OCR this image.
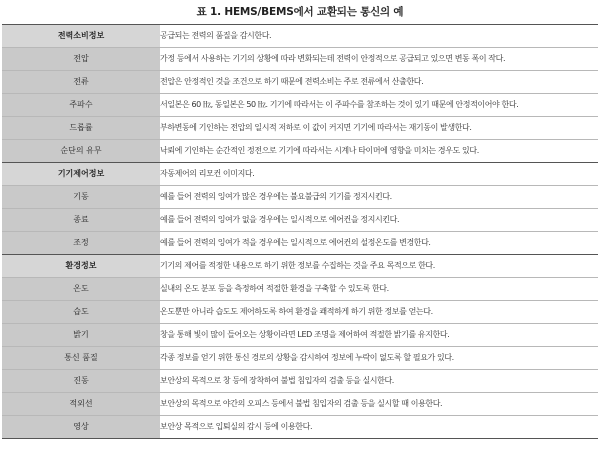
표 1. HEMS/BEMS에서 교환되는 통신의 예
전력소비정보	공급되는 전력의 품질을 감시한다.
전압	가정 등에서 사용하는 기기의 상황에 따라 변화되는데 전력이 안정적으로 공급되고 있으면 변동 폭이 작다.
전류	전압은 안정적인 것을 조건으로 하기 때문에 전력소비는 주로 전류에서 산출한다.
주파수	서일본은 60 ㎐, 동일본은 50 ㎐. 기기에 따라서는 이 주파수를 참조하는 것이 있기 때문에 안정적이어야 한다.
드롭률	부하변동에 기인하는 전압의 일시적 저하로 이 값이 커지면 기기에 따라서는 재기동이 발생한다.
순단의 유무	낙뢰에 기인하는 순간적인 정전으로 기기에 따라서는 시계나 타이머에 영향을 미치는 경우도 있다.
기기제어정보	자동제어의 리모컨 이미지다.
기동	예를 들어 전력의 잉여가 많은 경우에는 불요불급의 기기를 정지시킨다.
종료	예를 들어 전력의 잉여가 없을 경우에는 일시적으로 에어컨을 정지시킨다.
조정	예를 들어 전력의 잉여가 적을 경우에는 일시적으로 에어컨의 설정온도를 변경한다.
환경정보	기기의 제어를 적정한 내용으로 하기 위한 정보를 수집하는 것을 주요 목적으로 한다.
온도	실내의 온도 분포 등을 측정하여 적절한 환경을 구축할 수 있도록 한다.
습도	온도뿐만 아니라 습도도 제어하도록 하여 환경을 쾌적하게 하기 위한 정보를 얻는다.
밝기	창을 통해 빛이 많이 들어오는 상황이라면 LED 조명을 제어하여 적절한 밝기를 유지한다.
통신 품질	각종 정보를 얻기 위한 통신 경로의 상황을 감시하여 정보에 누락이 없도록 할 필요가 있다.
진동	보안상의 목적으로 창 등에 장착하여 불법 침입자의 검출 등을 실시한다.
적외선	보안상의 목적으로 야간의 오피스 등에서 불법 침입자의 검출 등을 실시할 때 이용한다.
영상	보안상 목적으로 입퇴실의 감시 등에 이용한다.
